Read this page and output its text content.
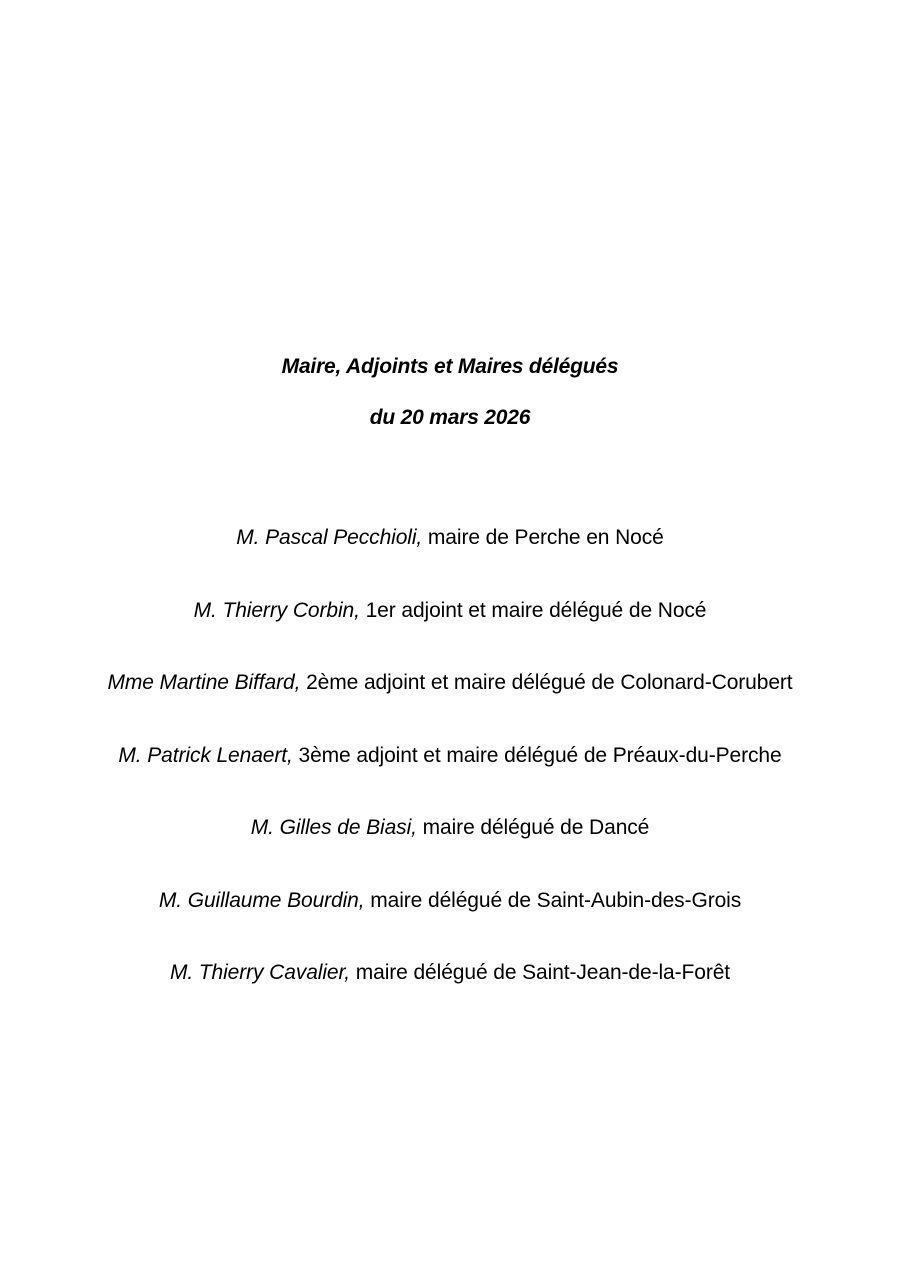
Maire, Adjoints et Maires délégués
du 20 mars 2026
M. Pascal Pecchioli, maire de Perche en Nocé
M. Thierry Corbin, 1er adjoint et maire délégué de Nocé
Mme Martine Biffard, 2ème adjoint et maire délégué de Colonard-Corubert
M. Patrick Lenaert, 3ème adjoint et maire délégué de Préaux-du-Perche
M. Gilles de Biasi, maire délégué de Dancé
M. Guillaume Bourdin, maire délégué de Saint-Aubin-des-Grois
M. Thierry Cavalier, maire délégué de Saint-Jean-de-la-Forêt
